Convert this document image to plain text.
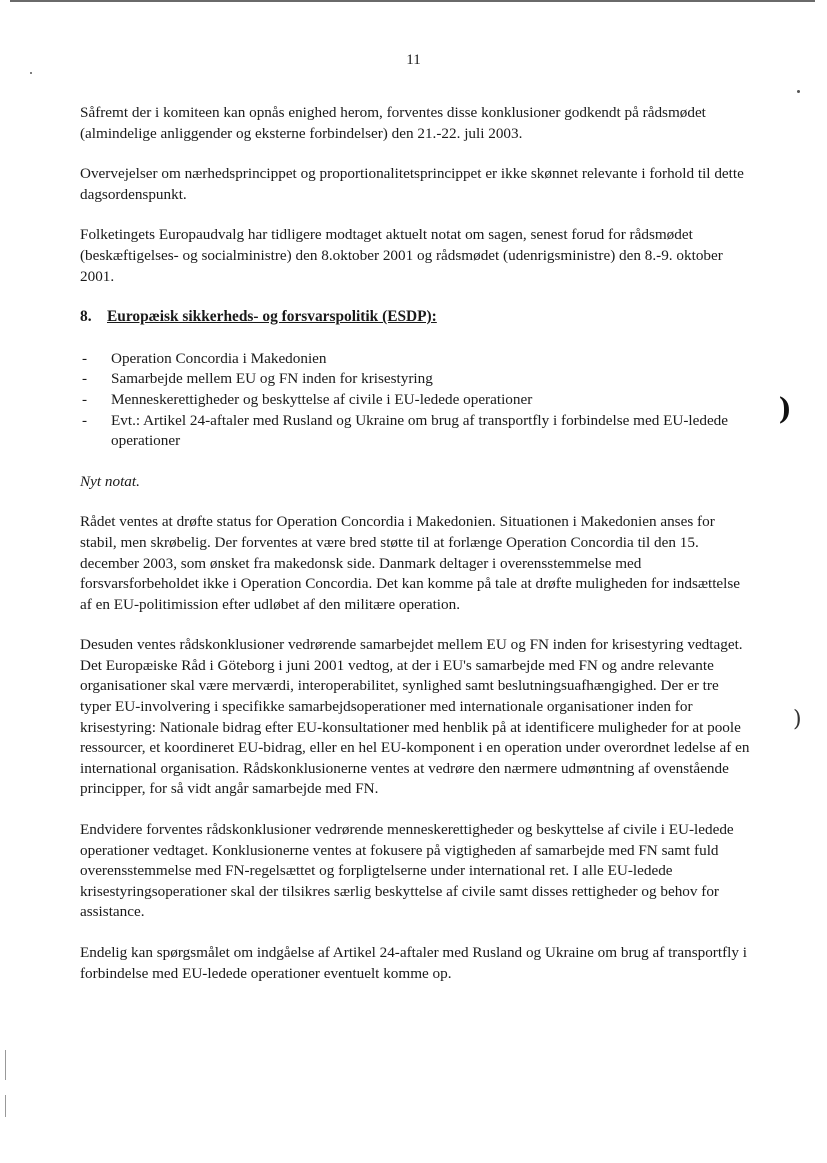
11

Såfremt der i komiteen kan opnås enighed herom, forventes disse konklusioner godkendt på rådsmødet (almindelige anliggender og eksterne forbindelser) den 21.-22. juli 2003.

Overvejelser om nærhedsprincippet og proportionalitetsprincippet er ikke skønnet relevante i forhold til dette dagsordenspunkt.

Folketingets Europaudvalg har tidligere modtaget aktuelt notat om sagen, senest forud for rådsmødet (beskæftigelses- og socialministre) den 8.oktober 2001 og rådsmødet (udenrigsministre) den 8.-9. oktober 2001.

8. Europæisk sikkerheds- og forsvarspolitik (ESDP):
- Operation Concordia i Makedonien
- Samarbejde mellem EU og FN inden for krisestyring
- Menneskerettigheder og beskyttelse af civile i EU-ledede operationer
- Evt.: Artikel 24-aftaler med Rusland og Ukraine om brug af transportfly i forbindelse med EU-ledede operationer

Nyt notat.

Rådet ventes at drøfte status for Operation Concordia i Makedonien. Situationen i Makedonien anses for stabil, men skrøbelig. Der forventes at være bred støtte til at forlænge Operation Concordia til den 15. december 2003, som ønsket fra makedonsk side. Danmark deltager i overensstemmelse med forsvarsforbeholdet ikke i Operation Concordia. Det kan komme på tale at drøfte muligheden for indsættelse af en EU-politimission efter udløbet af den militære operation.

Desuden ventes rådskonklusioner vedrørende samarbejdet mellem EU og FN inden for krisestyring vedtaget. Det Europæiske Råd i Göteborg i juni 2001 vedtog, at der i EU's samarbejde med FN og andre relevante organisationer skal være merværdi, interoperabilitet, synlighed samt beslutningsuafhængighed. Der er tre typer EU-involvering i specifikke samarbejdsoperationer med internationale organisationer inden for krisestyring: Nationale bidrag efter EU-konsultationer med henblik på at identificere muligheder for at poole ressourcer, et koordineret EU-bidrag, eller en hel EU-komponent i en operation under overordnet ledelse af en international organisation. Rådskonklusionerne ventes at vedrøre den nærmere udmøntning af ovenstående principper, for så vidt angår samarbejde med FN.

Endvidere forventes rådskonklusioner vedrørende menneskerettigheder og beskyttelse af civile i EU-ledede operationer vedtaget. Konklusionerne ventes at fokusere på vigtigheden af samarbejde med FN samt fuld overensstemmelse med FN-regelsættet og forpligtelserne under international ret. I alle EU-ledede krisestyringsoperationer skal der tilsikres særlig beskyttelse af civile samt disses rettigheder og behov for assistance.

Endelig kan spørgsmålet om indgåelse af Artikel 24-aftaler med Rusland og Ukraine om brug af transportfly i forbindelse med EU-ledede operationer eventuelt komme op.

)
)
